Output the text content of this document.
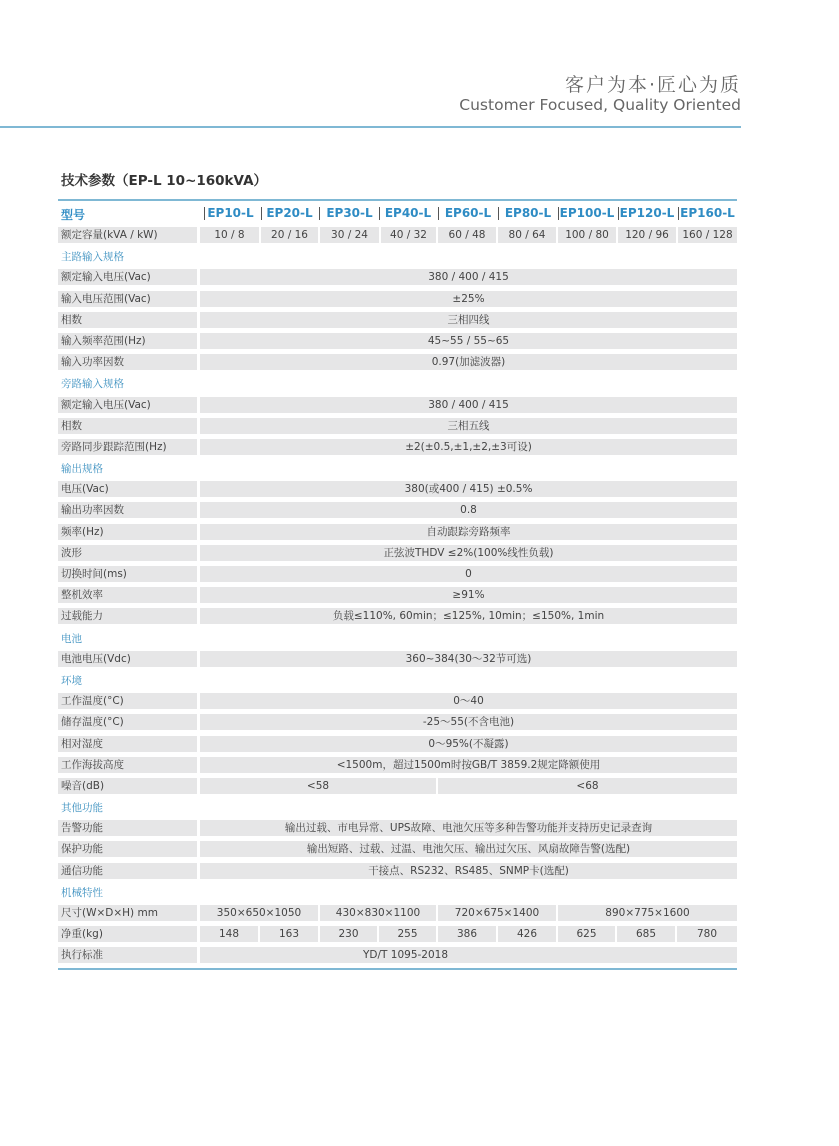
客户为本·匠心为质
Customer Focused, Quality Oriented
技术参数（EP-L 10~160kVA）
型号	EP10-L	EP20-L	EP30-L	EP40-L	EP60-L	EP80-L EP100-L EP120-L EP160-L
额定容量(kVA / kW)	10 / 8	20 / 16	30 / 24	40 / 32	60 / 48	80 / 64	100 / 80	120 / 96	160 / 128
主路输入规格
额定输入电压(Vac)	380 / 400 / 415
输入电压范围(Vac)	±25%
相数	三相四线
输入频率范围(Hz)	45~55 / 55~65
输入功率因数	0.97(加滤波器)
旁路输入规格
额定输入电压(Vac)	380 / 400 / 415
相数	三相五线
旁路同步跟踪范围(Hz)	±2(±0.5,±1,±2,±3可设)
输出规格
电压(Vac)	380(或400 / 415) ±0.5%
输出功率因数	0.8
频率(Hz)	自动跟踪旁路频率
波形	正弦波THDV ≤2%(100%线性负载)
切换时间(ms)	0
整机效率	≥91%
过载能力	负载≤110%, 60min；≤125%, 10min；≤150%, 1min
电池
电池电压(Vdc)	360~384(30～32节可选)
环境
工作温度(°C)	0～40
储存温度(°C)	-25～55(不含电池)
相对湿度	0～95%(不凝露)
工作海拔高度	<1500m，超过1500m时按GB/T 3859.2规定降额使用
噪音(dB)	<58	<68
其他功能
告警功能	输出过载、市电异常、UPS故障、电池欠压等多种告警功能并支持历史记录查询
保护功能	输出短路、过载、过温、电池欠压、输出过欠压、风扇故障告警(选配)
通信功能	干接点、RS232、RS485、SNMP卡(选配)
机械特性
尺寸(W×D×H) mm	350×650×1050	430×830×1100	720×675×1400	890×775×1600
净重(kg)	148	163	230	255	386	426	625	685	780
执行标准	YD/T 1095-2018
